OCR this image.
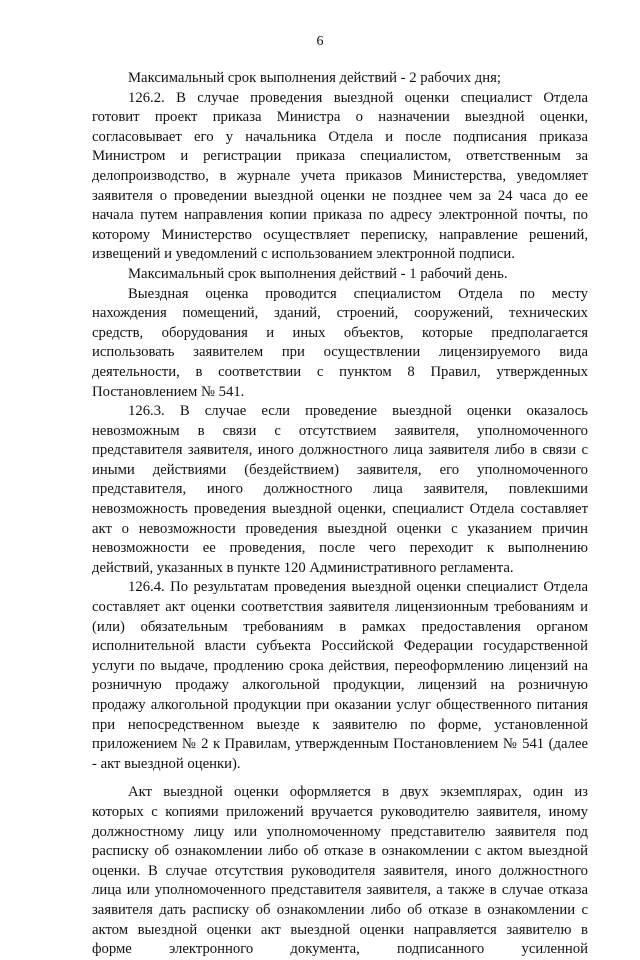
6
Максимальный срок выполнения действий - 2 рабочих дня;
126.2. В случае проведения выездной оценки специалист Отдела
готовит проект приказа Министра о назначении выездной оценки,
согласовывает его у начальника Отдела и после подписания приказа
Министром и регистрации приказа специалистом, ответственным за
делопроизводство, в журнале учета приказов Министерства, уведомляет
заявителя о проведении выездной оценки не позднее чем за 24 часа до ее
начала путем направления копии приказа по адресу электронной почты, по
которому Министерство осуществляет переписку, направление решений,
извещений и уведомлений с использованием электронной подписи.
Максимальный срок выполнения действий - 1 рабочий день.
Выездная оценка проводится специалистом Отдела по месту
нахождения помещений, зданий, строений, сооружений, технических
средств, оборудования и иных объектов, которые предполагается
использовать заявителем при осуществлении лицензируемого вида
деятельности, в соответствии с пунктом 8 Правил, утвержденных
Постановлением № 541.
126.3. В случае если проведение выездной оценки оказалось
невозможным в связи с отсутствием заявителя, уполномоченного
представителя заявителя, иного должностного лица заявителя либо в связи с
иными действиями (бездействием) заявителя, его уполномоченного
представителя, иного должностного лица заявителя, повлекшими
невозможность проведения выездной оценки, специалист Отдела составляет
акт о невозможности проведения выездной оценки с указанием причин
невозможности ее проведения, после чего переходит к выполнению
действий, указанных в пункте 120 Административного регламента.
126.4. По результатам проведения выездной оценки специалист Отдела
составляет акт оценки соответствия заявителя лицензионным требованиям и
(или) обязательным требованиям в рамках предоставления органом
исполнительной власти субъекта Российской Федерации государственной
услуги по выдаче, продлению срока действия, переоформлению лицензий на
розничную продажу алкогольной продукции, лицензий на розничную
продажу алкогольной продукции при оказании услуг общественного питания
при непосредственном выезде к заявителю по форме, установленной
приложением № 2 к Правилам, утвержденным Постановлением № 541 (далее
- акт выездной оценки).
Акт выездной оценки оформляется в двух экземплярах, один из
которых с копиями приложений вручается руководителю заявителя, иному
должностному лицу или уполномоченному представителю заявителя под
расписку об ознакомлении либо об отказе в ознакомлении с актом выездной
оценки. В случае отсутствия руководителя заявителя, иного должностного
лица или уполномоченного представителя заявителя, а также в случае отказа
заявителя дать расписку об ознакомлении либо об отказе в ознакомлении с
актом выездной оценки акт выездной оценки направляется заявителю в
форме электронного документа, подписанного усиленной
